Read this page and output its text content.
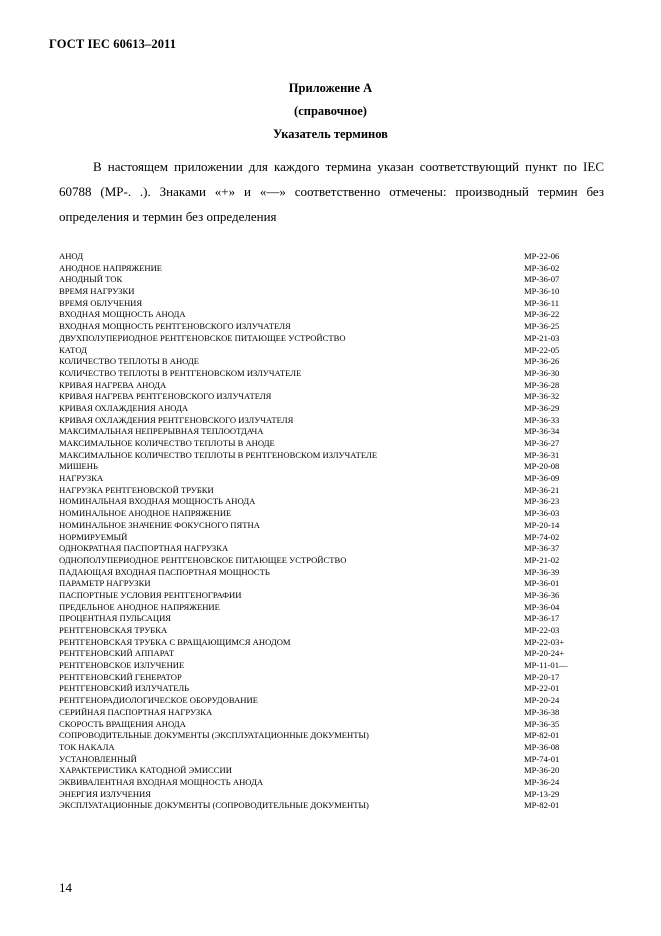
ГОСТ IEC 60613–2011
Приложение А
(справочное)
Указатель терминов
В настоящем приложении для каждого термина указан соответствующий пункт по IEC 60788 (МР-. .). Знаками «+» и «—» соответственно отмечены: производный термин без определения и термин без определения
АНОД	MP-22-06
АНОДНОЕ НАПРЯЖЕНИЕ	MP-36-02
АНОДНЫЙ ТОК	MP-36-07
ВРЕМЯ НАГРУЗКИ	MP-36-10
ВРЕМЯ ОБЛУЧЕНИЯ	MP-36-11
ВХОДНАЯ МОЩНОСТЬ АНОДА	MP-36-22
ВХОДНАЯ МОЩНОСТЬ РЕНТГЕНОВСКОГО ИЗЛУЧАТЕЛЯ	MP-36-25
ДВУХПОЛУПЕРИОДНОЕ РЕНТГЕНОВСКОЕ ПИТАЮЩЕЕ УСТРОЙСТВО	MP-21-03
КАТОД	MP-22-05
КОЛИЧЕСТВО ТЕПЛОТЫ В АНОДЕ	MP-36-26
КОЛИЧЕСТВО ТЕПЛОТЫ В РЕНТГЕНОВСКОМ ИЗЛУЧАТЕЛЕ	MP-36-30
КРИВАЯ НАГРЕВА АНОДА	MP-36-28
КРИВАЯ НАГРЕВА РЕНТГЕНОВСКОГО ИЗЛУЧАТЕЛЯ	MP-36-32
КРИВАЯ ОХЛАЖДЕНИЯ АНОДА	MP-36-29
КРИВАЯ ОХЛАЖДЕНИЯ РЕНТГЕНОВСКОГО ИЗЛУЧАТЕЛЯ	MP-36-33
МАКСИМАЛЬНАЯ НЕПРЕРЫВНАЯ ТЕПЛООТДАЧА	MP-36-34
МАКСИМАЛЬНОЕ КОЛИЧЕСТВО ТЕПЛОТЫ В АНОДЕ	MP-36-27
МАКСИМАЛЬНОЕ КОЛИЧЕСТВО ТЕПЛОТЫ В РЕНТГЕНОВСКОМ ИЗЛУЧАТЕЛЕ	MP-36-31
МИШЕНЬ	MP-20-08
НАГРУЗКА	MP-36-09
НАГРУЗКА РЕНТГЕНОВСКОЙ ТРУБКИ	MP-36-21
НОМИНАЛЬНАЯ ВХОДНАЯ МОЩНОСТЬ АНОДА	MP-36-23
НОМИНАЛЬНОЕ АНОДНОЕ НАПРЯЖЕНИЕ	MP-36-03
НОМИНАЛЬНОЕ ЗНАЧЕНИЕ ФОКУСНОГО ПЯТНА	MP-20-14
НОРМИРУЕМЫЙ	MP-74-02
ОДНОКРАТНАЯ ПАСПОРТНАЯ НАГРУЗКА	MP-36-37
ОДНОПОЛУПЕРИОДНОЕ РЕНТГЕНОВСКОЕ ПИТАЮЩЕЕ УСТРОЙСТВО	MP-21-02
ПАДАЮЩАЯ ВХОДНАЯ ПАСПОРТНАЯ МОЩНОСТЬ	MP-36-39
ПАРАМЕТР НАГРУЗКИ	MP-36-01
ПАСПОРТНЫЕ УСЛОВИЯ РЕНТГЕНОГРАФИИ	MP-36-36
ПРЕДЕЛЬНОЕ АНОДНОЕ НАПРЯЖЕНИЕ	MP-36-04
ПРОЦЕНТНАЯ ПУЛЬСАЦИЯ	MP-36-17
РЕНТГЕНОВСКАЯ ТРУБКА	MP-22-03
РЕНТГЕНОВСКАЯ ТРУБКА С ВРАЩАЮЩИМСЯ АНОДОМ	MP-22-03+
РЕНТГЕНОВСКИЙ АППАРАТ	MP-20-24+
РЕНТГЕНОВСКОЕ ИЗЛУЧЕНИЕ	MP-11-01—
РЕНТГЕНОВСКИЙ ГЕНЕРАТОР	MP-20-17
РЕНТГЕНОВСКИЙ ИЗЛУЧАТЕЛЬ	MP-22-01
РЕНТГЕНОРАДИОЛОГИЧЕСКОЕ ОБОРУДОВАНИЕ	MP-20-24
СЕРИЙНАЯ ПАСПОРТНАЯ НАГРУЗКА	MP-36-38
СКОРОСТЬ ВРАЩЕНИЯ АНОДА	MP-36-35
СОПРОВОДИТЕЛЬНЫЕ ДОКУМЕНТЫ (ЭКСПЛУАТАЦИОННЫЕ ДОКУМЕНТЫ)	MP-82-01
ТОК НАКАЛА	MP-36-08
УСТАНОВЛЕННЫЙ	MP-74-01
ХАРАКТЕРИСТИКА КАТОДНОЙ ЭМИССИИ	MP-36-20
ЭКВИВАЛЕНТНАЯ ВХОДНАЯ МОЩНОСТЬ АНОДА	MP-36-24
ЭНЕРГИЯ ИЗЛУЧЕНИЯ	MP-13-29
ЭКСПЛУАТАЦИОННЫЕ ДОКУМЕНТЫ (СОПРОВОДИТЕЛЬНЫЕ ДОКУМЕНТЫ)	MP-82-01
14
